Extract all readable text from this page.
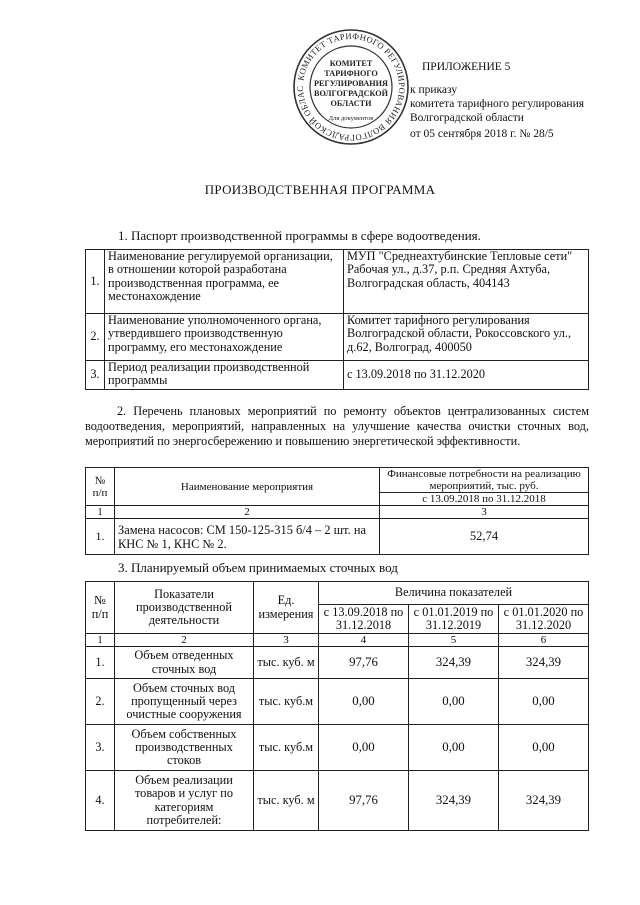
КОМИТЕТ ТАРИФНОГО РЕГУЛИРОВАНИЯ ВОЛГОГРАДСКОЙ ОБЛАС
КОМИТЕТ
ТАРИФНОГО
РЕГУЛИРОВАНИЯ
ВОЛГОГРАДСКОЙ
ОБЛАСТИ
Для документов
ПРИЛОЖЕНИЕ 5
к приказу
комитета тарифного регулирования
Волгоградской области
от 05 сентября 2018 г. № 28/5
ПРОИЗВОДСТВЕННАЯ ПРОГРАММА
1. Паспорт производственной программы в сфере водоотведения.
1.	Наименование регулируемой организации, в отношении которой разработана производственная программа, ее местонахождение	МУП "Среднеахтубинские Тепловые сети"
Рабочая ул., д.37, р.п. Средняя Ахтуба, Волгоградская область, 404143

2.	Наименование уполномоченного органа, утвердившего производственную программу, его местонахождение	Комитет тарифного регулирования Волгоградской области, Рокоссовского ул., д.62, Волгоград, 400050

3.	Период реализации производственной программы	с 13.09.2018 по 31.12.2020
2. Перечень плановых мероприятий по ремонту объектов централизованных систем водоотведения, мероприятий, направленных на улучшение качества очистки сточных вод, мероприятий по энергосбережению и повышению энергетической эффективности.
№ п/п	Наименование мероприятия	Финансовые потребности на реализацию мероприятий, тыс. руб.
		с 13.09.2018 по 31.12.2018
1	2	3
1.	Замена насосов: СМ 150-125-315 б/4 – 2 шт. на КНС № 1, КНС № 2.	52,74
3. Планируемый объем принимаемых сточных вод
№ п/п	Показатели производственной деятельности	Ед. измерения	Величина показателей		
			с 13.09.2018 по 31.12.2018	с 01.01.2019 по 31.12.2019	с 01.01.2020 по 31.12.2020
1	2	3	4	5	6
1.	Объем отведенных сточных вод	тыс. куб. м	97,76	324,39	324,39
2.	Объем сточных вод пропущенный через очистные сооружения	тыс. куб.м	0,00	0,00	0,00
3.	Объем собственных производственных стоков	тыс. куб.м	0,00	0,00	0,00
4.	Объем реализации товаров и услуг по категориям потребителей:	тыс. куб. м	97,76	324,39	324,39
